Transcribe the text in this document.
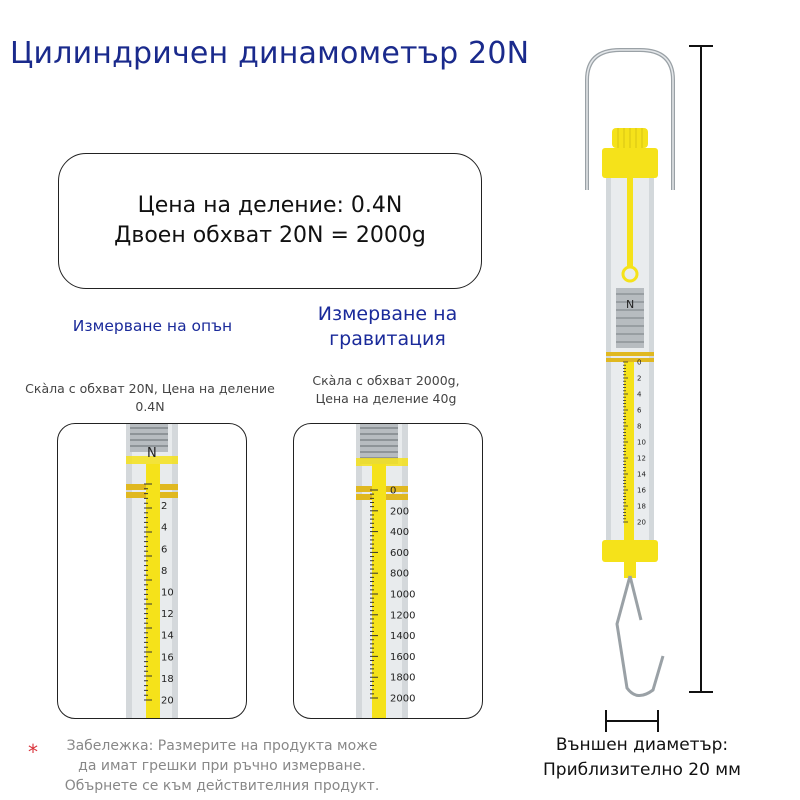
Цилиндричен динамометър 20N
Цена на деление: 0.4N
Двоен обхват 20N = 2000g
Измерване на опън
Измерване на
гравитация
Скàла с обхват 20N, Цена на деление 0.4N
Скàла с обхват 2000g,
Цена на деление 40g
2
4
6
8
10
12
14
16
18
20
N
0
200
400
600
800
1000
1200
1400
1600
1800
2000
0
2
4
6
8
10
12
14
16
18
20
N
*	Забележка: Размерите на продукта може
да имат грешки при ръчно измерване.
Обърнете се към действителния продукт.
Външен диаметър:
Приблизително 20 мм
